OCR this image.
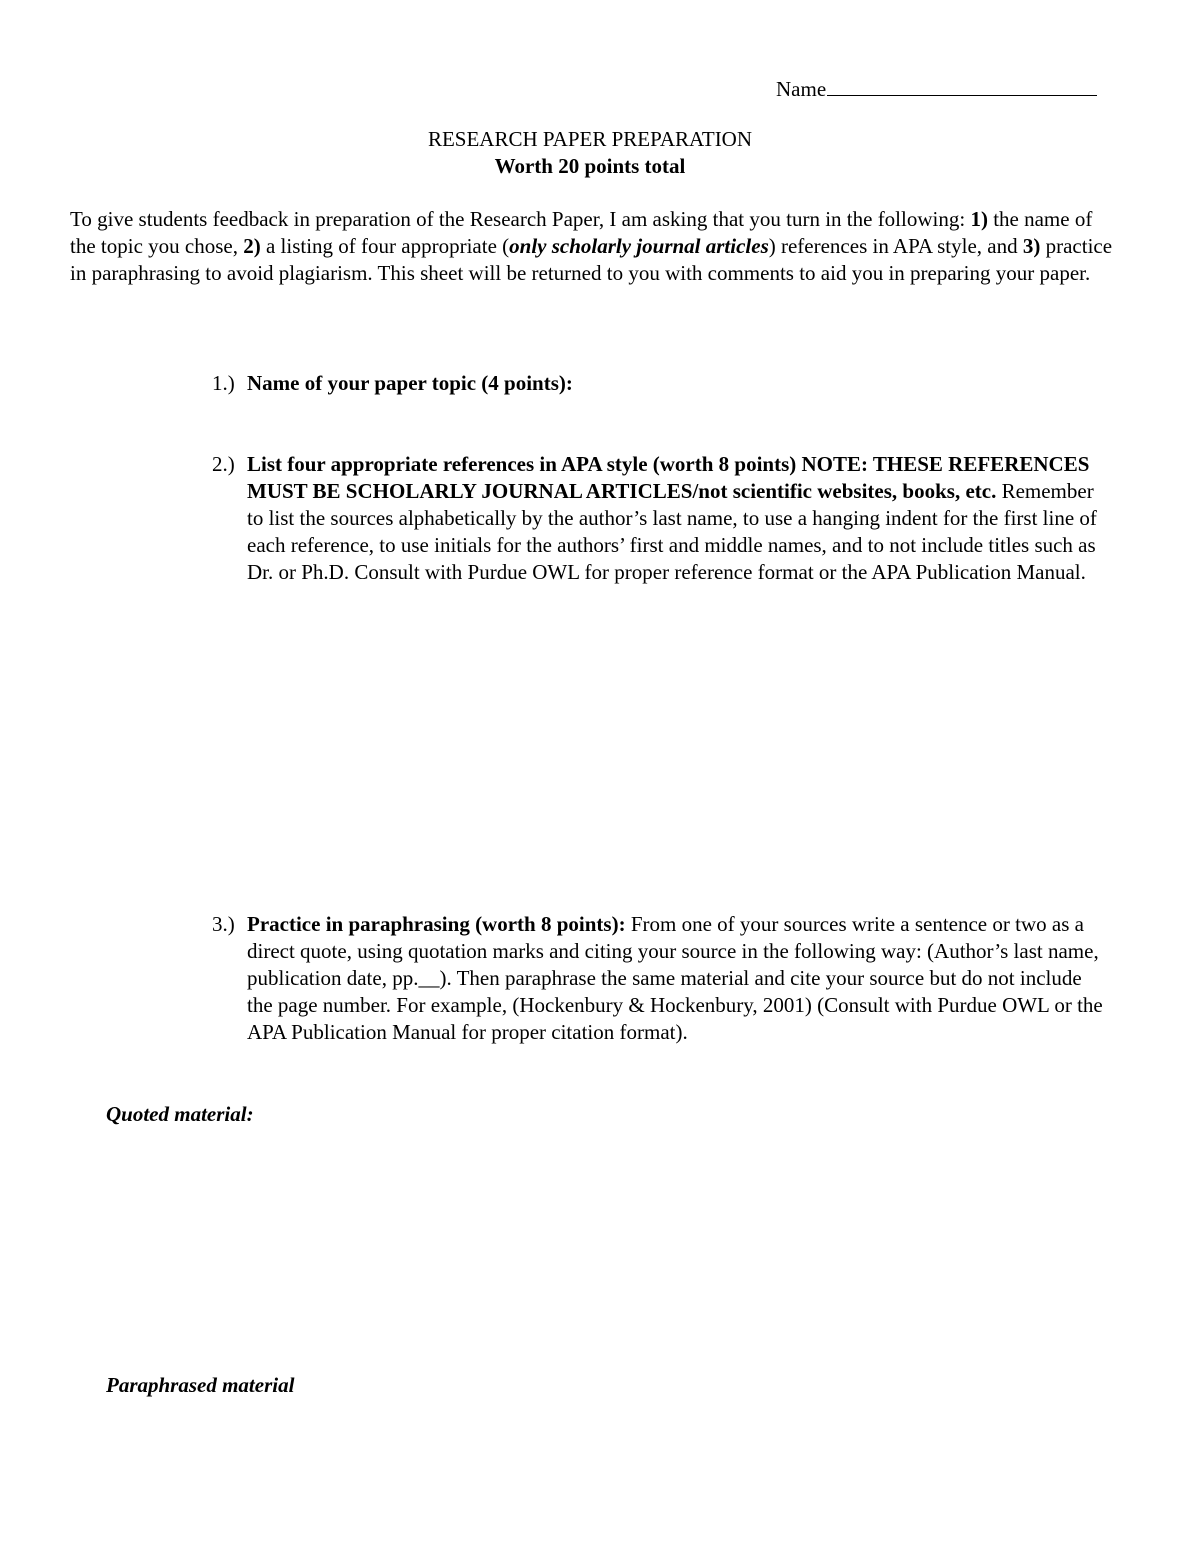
Name
RESEARCH PAPER PREPARATION
Worth 20 points total
To give students feedback in preparation of the Research Paper, I am asking that you turn in the following: 1) the name of the topic you chose, 2) a listing of four appropriate (only scholarly journal articles) references in APA style, and 3) practice in paraphrasing to avoid plagiarism. This sheet will be returned to you with comments to aid you in preparing your paper.
1.) Name of your paper topic (4 points):
2.) List four appropriate references in APA style (worth 8 points) NOTE: THESE REFERENCES MUST BE SCHOLARLY JOURNAL ARTICLES/not scientific websites, books, etc. Remember to list the sources alphabetically by the author’s last name, to use a hanging indent for the first line of each reference, to use initials for the authors’ first and middle names, and to not include titles such as Dr. or Ph.D. Consult with Purdue OWL for proper reference format or the APA Publication Manual.
3.) Practice in paraphrasing (worth 8 points): From one of your sources write a sentence or two as a direct quote, using quotation marks and citing your source in the following way: (Author’s last name, publication date, pp.__). Then paraphrase the same material and cite your source but do not include the page number. For example, (Hockenbury & Hockenbury, 2001) (Consult with Purdue OWL or the APA Publication Manual for proper citation format).
Quoted material:
Paraphrased material
